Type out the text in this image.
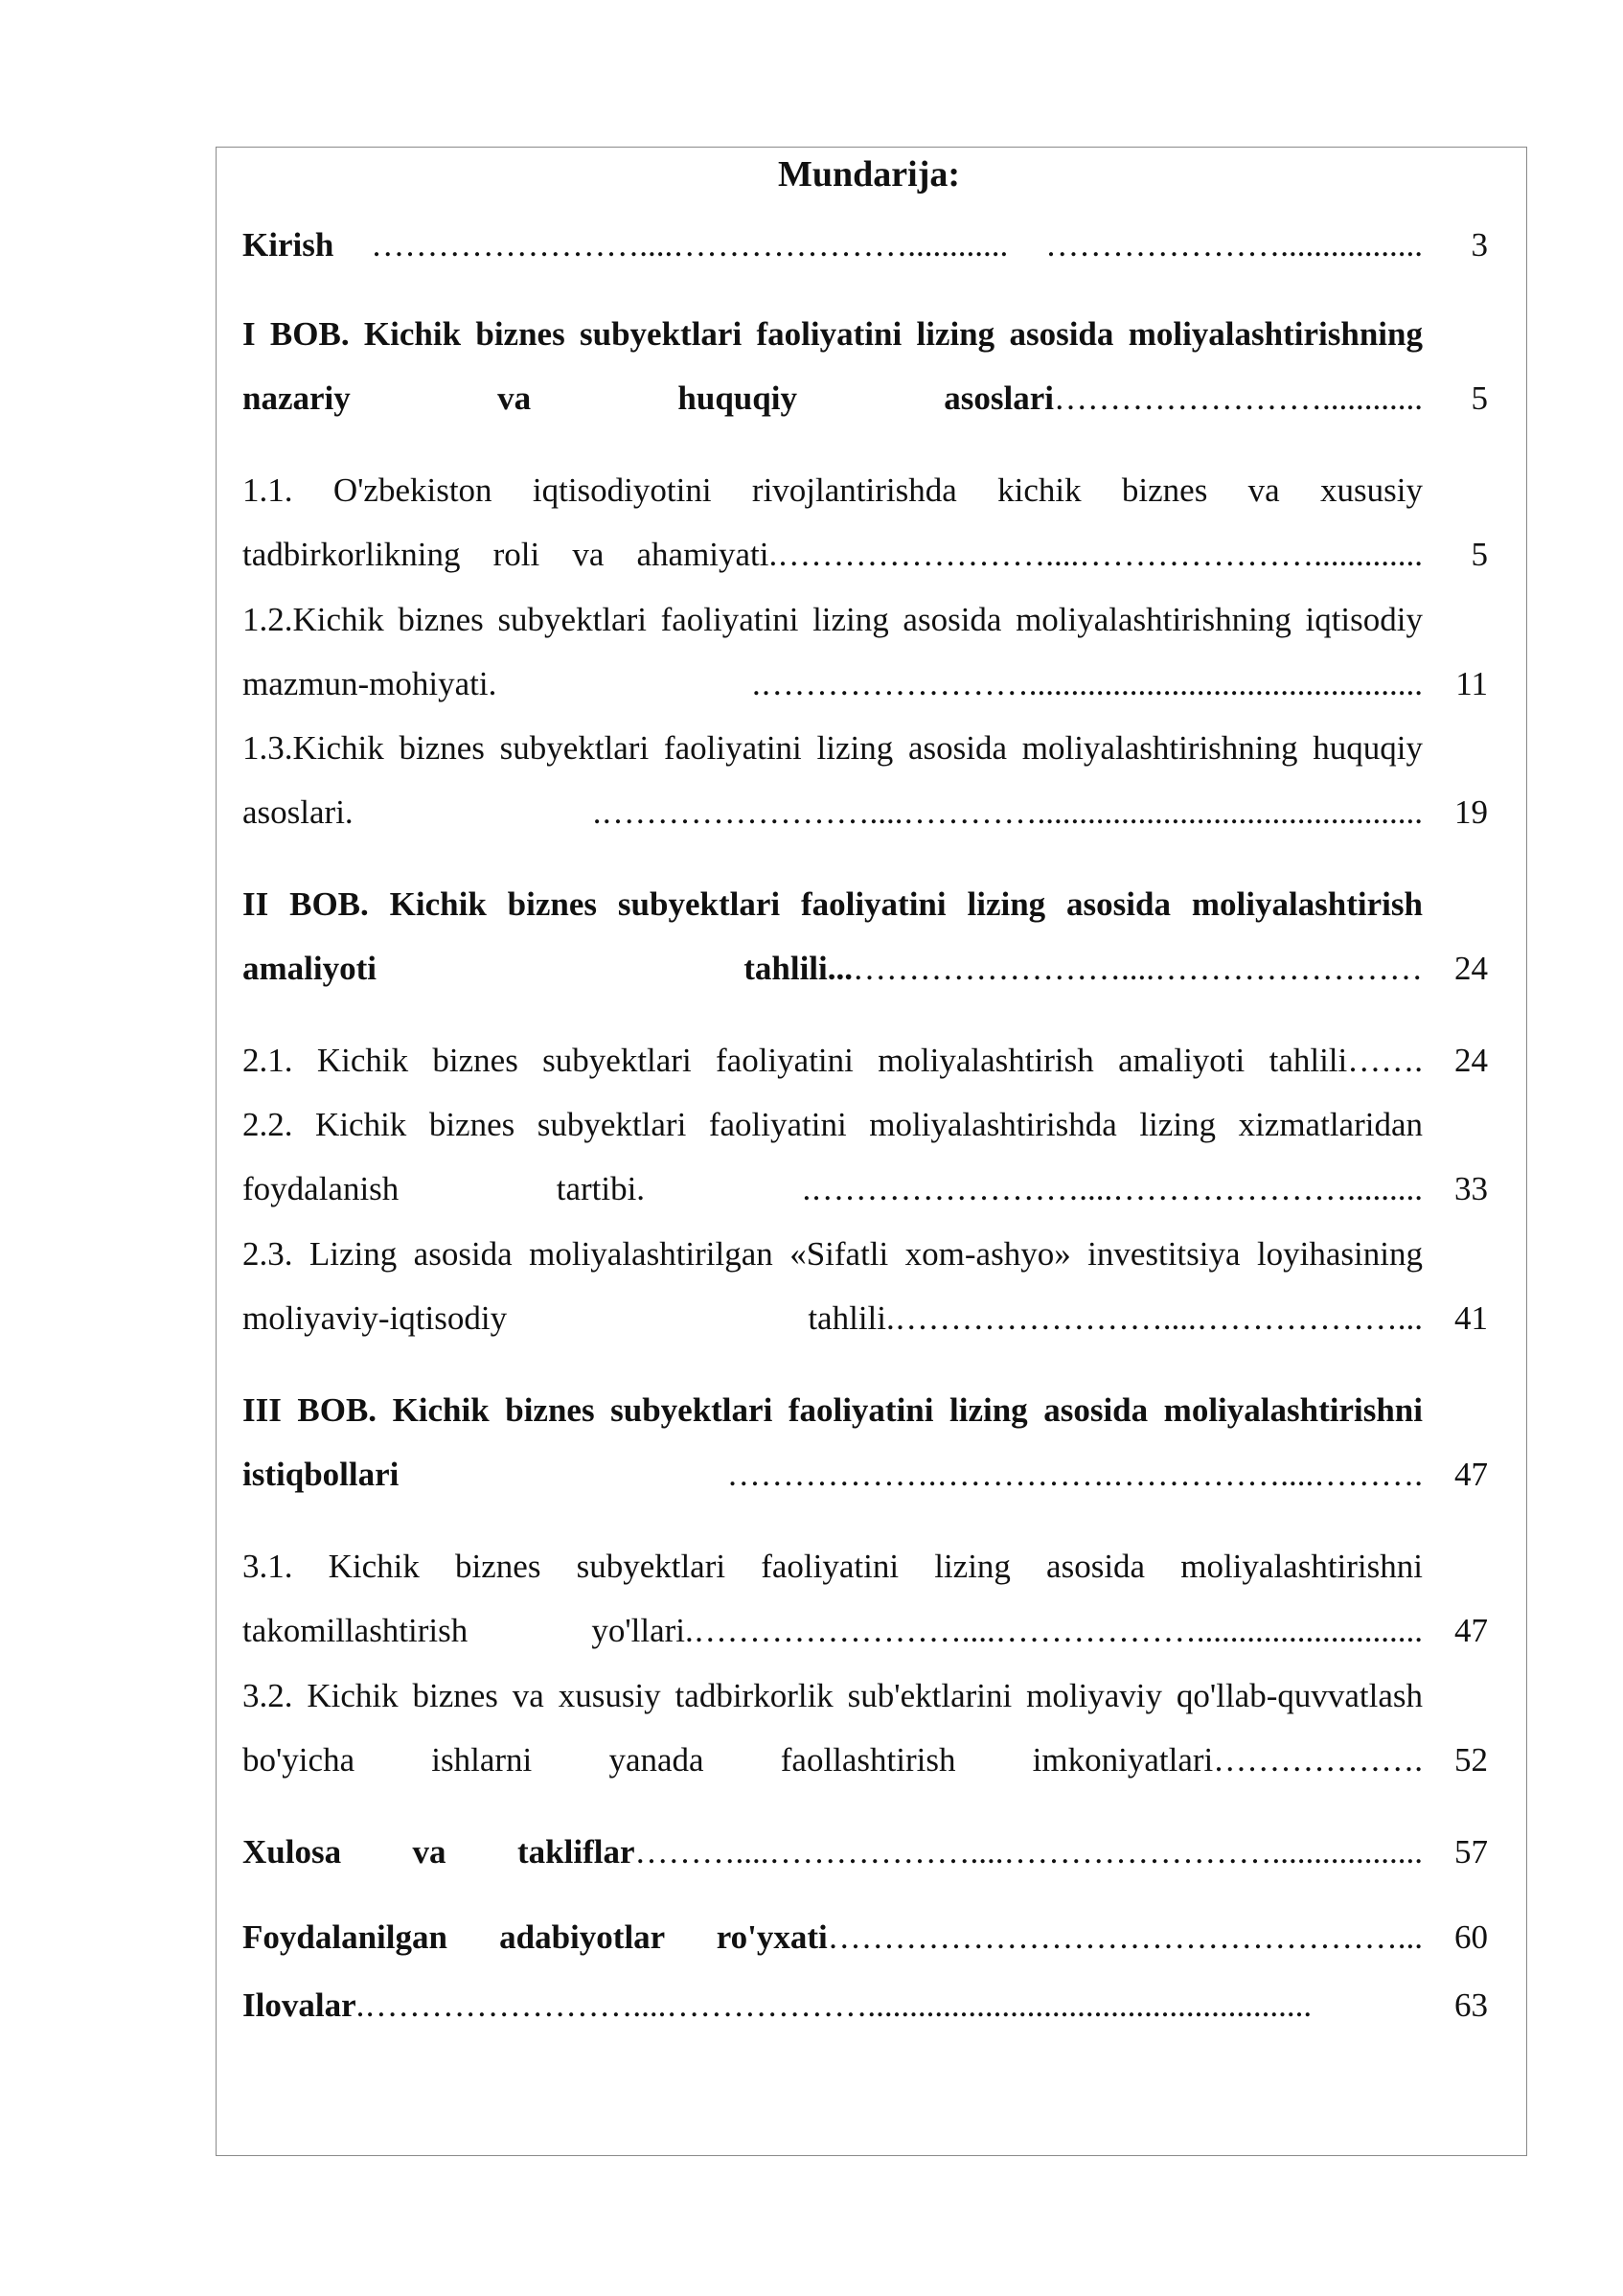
Mundarija:
Kirish ……………………....…………………............ ………………….................	3
I BOB. Kichik biznes subyektlari faoliyatini lizing asosida moliyalashtirishning nazariy va huquqiy asoslari……………………............	5
1.1. O'zbekiston iqtisodiyotini rivojlantirishda kichik biznes va xususiy tadbirkorlikning roli va ahamiyati.……………………....………………….............	5
1.2.Kichik biznes subyektlari faoliyatini lizing asosida moliyalashtirishning iqtisodiy mazmun-mohiyati. .……………………............................................... 11
1.3.Kichik biznes subyektlari faoliyatini lizing asosida moliyalashtirishning huquqiy asoslari. .……………………....………….............................................. 19
II BOB. Kichik biznes subyektlari faoliyatini lizing asosida moliyalashtirish amaliyoti tahlili...……………………....…………………… 24
2.1. Kichik biznes subyektlari faoliyatini moliyalashtirish amaliyoti tahlili……. 24
2.2. Kichik biznes subyektlari faoliyatini moliyalashtirishda lizing xizmatlaridan foydalanish tartibi. .……………………....…………………......... 33
2.3. Lizing asosida moliyalashtirilgan «Sifatli xom-ashyo» investitsiya loyihasining moliyaviy-iqtisodiy tahlili.……………………....………………... 41
III BOB. Kichik biznes subyektlari faoliyatini lizing asosida moliyalashtirishni istiqbollari ……………….…………….……………....………. 47
3.1. Kichik biznes subyektlari faoliyatini lizing asosida moliyalashtirishni takomillashtirish yo'llari.……………………....………………........................... 47
3.2. Kichik biznes va xususiy tadbirkorlik sub'ektlarini moliyaviy qo'llab-quvvatlash bo'yicha ishlarni yanada faollashtirish imkoniyatlari………………. 52
Xulosa va takliflar………....………………....…………………….................. 57
Foydalanilgan adabiyotlar ro'yxati……………………………………………... 60
Ilovalar.……………………....……………….....................................................	63
